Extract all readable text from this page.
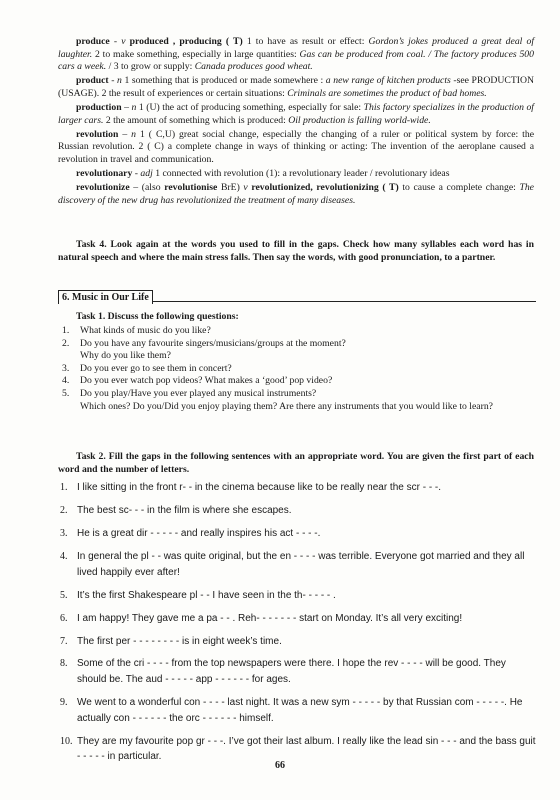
produce - v produced , producing ( T) 1 to have as result or effect: Gordon’s jokes produced a great deal of laughter. 2 to make something, especially in large quantities: Gas can be produced from coal. / The factory produces 500 cars a week. / 3 to grow or supply: Canada produces good wheat.

product - n 1 something that is produced or made somewhere : a new range of kitchen products -see PRODUCTION (USAGE). 2 the result of experiences or certain situations: Criminals are sometimes the product of bad homes.

production – n 1 (U) the act of producing something, especially for sale: This factory specializes in the production of larger cars. 2 the amount of something which is produced: Oil production is falling world-wide.

revolution – n 1 ( C,U) great social change, especially the changing of a ruler or political system by force: the Russian revolution. 2 ( C) a complete change in ways of thinking or acting: The invention of the aeroplane caused a revolution in travel and communication.

revolutionary - adj 1 connected with revolution (1): a revolutionary leader / revolutionary ideas

revolutionize – (also revolutionise BrE) v revolutionized, revolutionizing ( T) to cause a complete change: The discovery of the new drug has revolutionized the treatment of many diseases.

Task 4. Look again at the words you used to fill in the gaps. Check how many syllables each word has in natural speech and where the main stress falls. Then say the words, with good pronunciation, to a partner.
6. Music in Our Life
Task 1. Discuss the following questions:
1.	What kinds of music do you like?
2.	Do you have any favourite singers/musicians/groups at the moment?
Why do you like them?
3.	Do you ever go to see them in concert?
4.	Do you ever watch pop videos? What makes a ‘good’ pop video?
5.	Do you play/Have you ever played any musical instruments?
Which ones? Do you/Did you enjoy playing them? Are there any instruments that you would like to learn?
Task 2. Fill the gaps in the following sentences with an appropriate word. You are given the first part of each word and the number of letters.
1. I like sitting in the front r- - in the cinema because like to be really near the scr - - -.
2. The best sc- - - in the film is where she escapes.
3. He is a great dir - - - - - and really inspires his act - - - -.
4. In general the pl - - was quite original, but the en - - - - was terrible. Everyone got married and they all lived happily ever after!
5. It’s the first Shakespeare pl - - I have seen in the th- - - - - .
6. I am happy! They gave me a pa - - . Reh- - - - - - - start on Monday. It’s all very exciting!
7. The first per - - - - - - - - is in eight week’s time.
8. Some of the cri - - - - from the top newspapers were there. I hope the rev - - - - will be good. They should be. The aud - - - - - app - - - - - - for ages.
9. We went to a wonderful con - - - - last night. It was a new sym - - - - - by that Russian com - - - - -. He actually con - - - - - - the orc - - - - - - himself.
10. They are my favourite pop gr - - -. I’ve got their last album. I really like the lead sin - - - and the bass guit - - - - - in particular.
66
